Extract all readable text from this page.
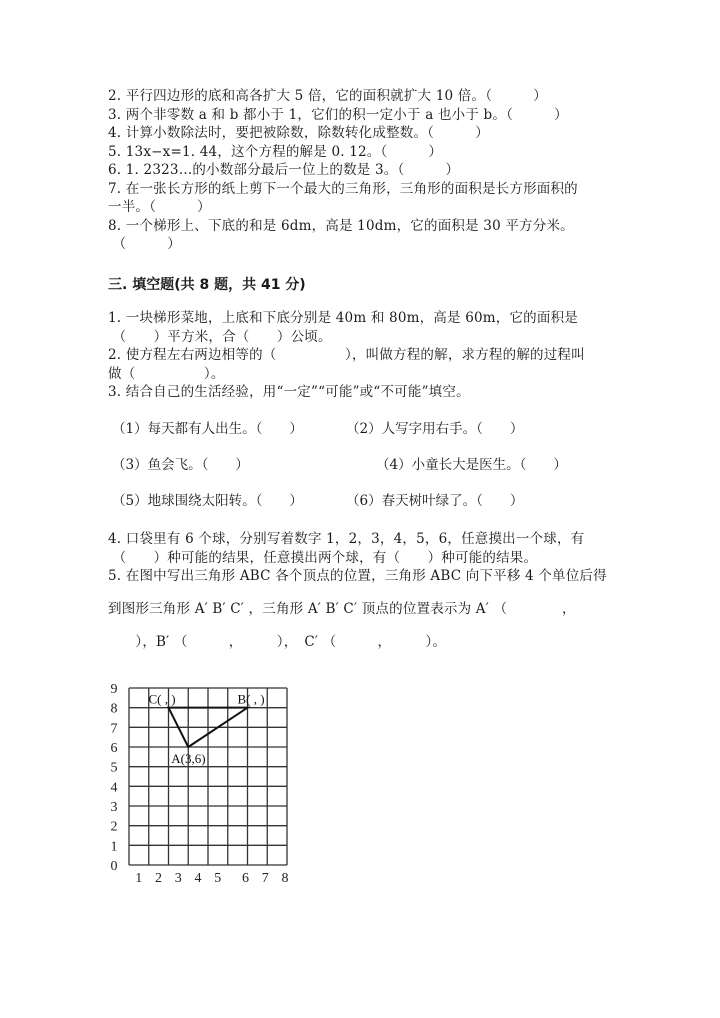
2. 平行四边形的底和高各扩大 5 倍，它的面积就扩大 10 倍。（　　　）
3. 两个非零数 a 和 b 都小于 1，它们的积一定小于 a 也小于 b。（　　　）
4. 计算小数除法时，要把被除数，除数转化成整数。（　　　）
5. 13x−x=1. 44，这个方程的解是 0. 12。（　　　）
6. 1. 2323…的小数部分最后一位上的数是 3。（　　　）
7. 在一张长方形的纸上剪下一个最大的三角形，三角形的面积是长方形面积的
一半。（　　　）
8. 一个梯形上、下底的和是 6dm，高是 10dm，它的面积是 30 平方分米。
（　　　）
三. 填空题(共 8 题，共 41 分)
1. 一块梯形菜地，上底和下底分别是 40m 和 80m，高是 60m，它的面积是
（　　）平方米，合（　　）公顷。
2. 使方程左右两边相等的（　　　　　），叫做方程的解，求方程的解的过程叫
做（　　　　　）。
3. 结合自己的生活经验，用“一定”“可能”或“不可能”填空。
（1）每天都有人出生。（　　）	（2）人写字用右手。（　　）
（3）鱼会飞。（　　）	（4）小童长大是医生。（　　）
（5）地球围绕太阳转。（　　）	（6）春天树叶绿了。（　　）
4. 口袋里有 6 个球，分别写着数字 1，2，3，4，5，6，任意摸出一个球，有
（　　）种可能的结果，任意摸出两个球，有（　　）种可能的结果。
5. 在图中写出三角形 ABC 各个顶点的位置，三角形 ABC 向下平移 4 个单位后得
到图形三角形 A′ B′ C′ ，三角形 A′ B′ C′ 顶点的位置表示为 A′ （　　　　，
　　），B′ （　　　，　　　），　C′ （　　　，　　　）。
0
1
2
3
4
5
6
7
8
9
1 2 3 4 5 6 7 8
A(3,6)
C( , )	B( , )
